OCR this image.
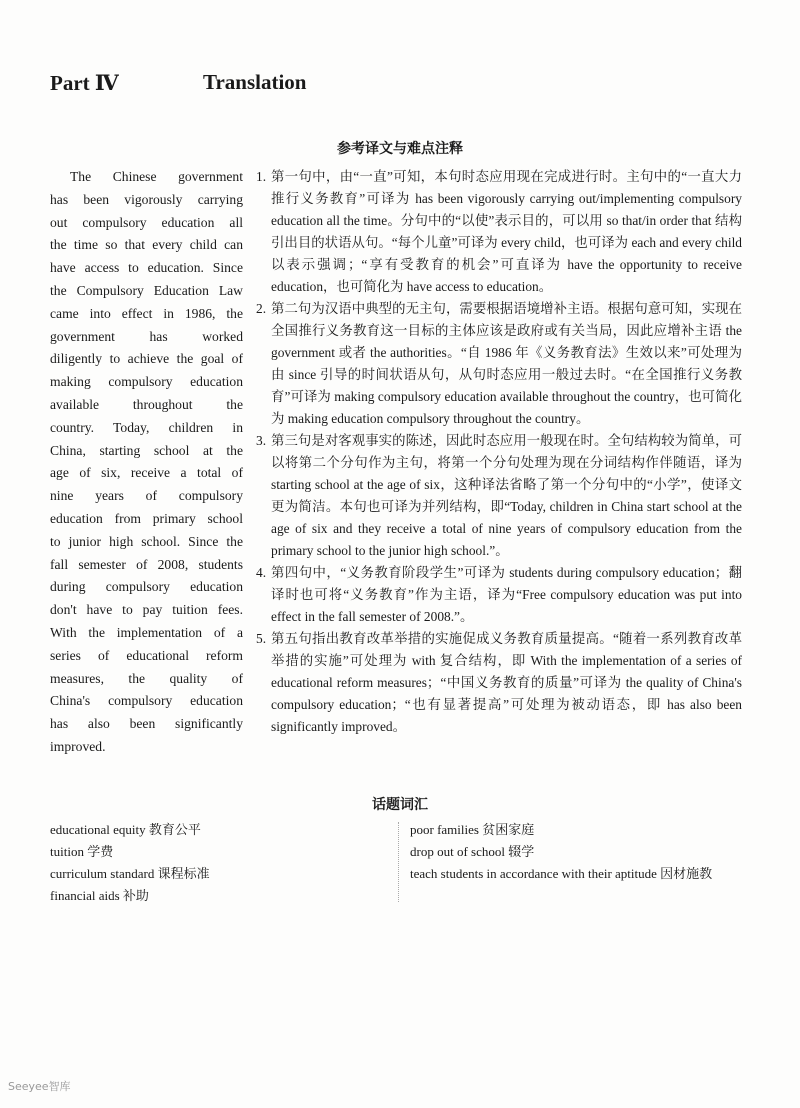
Part Ⅳ	Translation
参考译文与难点注释
The Chinese government
has been vigorously carrying
out compulsory education all
the time so that every child can
have access to education. Since
the Compulsory Education Law
came into effect in 1986, the
government has worked
diligently to achieve the goal of
making compulsory education
available throughout the
country. Today, children in
China, starting school at the
age of six, receive a total of
nine years of compulsory
education from primary school
to junior high school. Since the
fall semester of 2008, students
during compulsory education
don't have to pay tuition fees.
With the implementation of a
series of educational reform
measures, the quality of
China's compulsory education
has also been significantly
improved.
1. 第一句中，由“一直”可知，本句时态应用现在完成进行时。主句中的“一直大力推行义务教育”可译为 has been vigorously carrying out/implementing compulsory education all the time。分句中的“以使”表示目的，可以用 so that/in order that 结构引出目的状语从句。“每个儿童”可译为 every child，也可译为 each and every child 以表示强调；“享有受教育的机会”可直译为 have the opportunity to receive education，也可简化为 have access to education。
2. 第二句为汉语中典型的无主句，需要根据语境增补主语。根据句意可知，实现在全国推行义务教育这一目标的主体应该是政府或有关当局，因此应增补主语 the government 或者 the authorities。“自 1986 年《义务教育法》生效以来”可处理为由 since 引导的时间状语从句，从句时态应用一般过去时。“在全国推行义务教育”可译为 making compulsory education available throughout the country，也可简化为 making education compulsory throughout the country。
3. 第三句是对客观事实的陈述，因此时态应用一般现在时。全句结构较为简单，可以将第二个分句作为主句，将第一个分句处理为现在分词结构作伴随语，译为 starting school at the age of six，这种译法省略了第一个分句中的“小学”，使译文更为简洁。本句也可译为并列结构，即“Today, children in China start school at the age of six and they receive a total of nine years of compulsory education from the primary school to the junior high school.”。
4. 第四句中，“义务教育阶段学生”可译为 students during compulsory education；翻译时也可将“义务教育”作为主语，译为“Free compulsory education was put into effect in the fall semester of 2008.”。
5. 第五句指出教育改革举措的实施促成义务教育质量提高。“随着一系列教育改革举措的实施”可处理为 with 复合结构，即 With the implementation of a series of educational reform measures；“中国义务教育的质量”可译为 the quality of China's compulsory education；“也有显著提高”可处理为被动语态，即 has also been significantly improved。
话题词汇
educational equity 教育公平
tuition 学费
curriculum standard 课程标准
financial aids 补助
poor families 贫困家庭
drop out of school 辍学
teach students in accordance with their aptitude 因材施教
Seeyee智库
